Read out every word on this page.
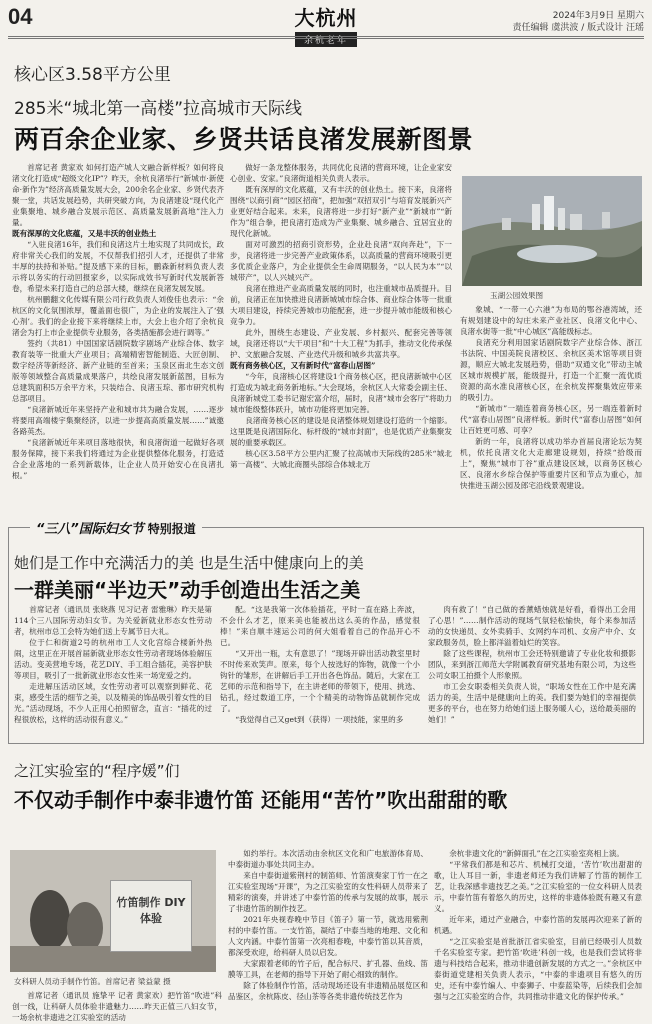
04	大杭州
余杭老年
2024年3月9日 星期六
责任编辑 虞洪波 / 版式设计 汪瑶
核心区3.58平方公里
285米“城北第一高楼”拉高城市天际线
两百余企业家、乡贤共话良渚发展新图景

首席记者 黄家欢 如何打造产城人文融合新样板？如何将良渚文化打造成“超级文化IP”？昨天，余杭良渚举行“新城市·新使命·新作为”经济高质量发展大会，200余名企业家、乡贤代表齐聚一堂，共话发展趋势，共研突破方向，为良渚建设“现代化产业集聚地、城乡融合发展示范区、高质量发展新高地”注入力量。

既有深厚的文化底蕴，又是丰沃的创业热土

“入驻良渚16年，我们和良渚这片土地实现了共同成长，政府非常关心我们的发展，不仅帮我们招引人才，还提供了非常丰厚的扶持和补贴。”提及感下来的目标，鹏森新材料负责人表示将以务实的行动回报家乡，以实际成效书写新时代发展新答卷，希望未来打造自己的总部大楼，继续在良渚发展发展。

杭州鹏翻文化传媒有限公司行政负责人刘俊佳也表示：“余杭区的文化氛围浓厚，覆盖面也很广，为企业的发展注入了‘强心剂’。我们的企业接下来将继续上市，大会上也介绍了余杭良渚会为打上市企业提供专业服务，各类措施都会进行调等。”

签约（共81）中国国家话剧院数字剧场产业综合体、数字教育装等一批重大产业项目；高端精密智能制造、大匠创制、数字经济等新经济、新产业链的至首来；玉泉区南北生态文创版等领域整合高质量成果落户，共绘良渚发展新蓝图，目标为总建筑面积5万余平方米，只装结合、良渚玉琮、都市研究机构总部项目。

“良渚新城近年来坚持产业和城市共为融合发展，……逐步将要用高端楼宇集聚经济，以进一步提高高质量发展……”诚邀各路英杰。

“良渚新城近年来项目落地很快，和良渚街道一起做好各项服务保障，接下来我们将通过为企业提供整体化服务，打造适合企业落地的一系列新载体，让企业人员开始安心在良渚扎根。”

做好一条龙整体服务，共同优化良渚的营商环境，让企业家安心创业、安家。”良渚街道相关负责人表示。

既有深厚的文化底蕴，又有丰沃的创业热土。接下来，良渚将围绕“以商引商”“园区招商”，把加强“双招双引”与培育发展新兴产业更好结合起来。未来，良渚将进一步打好“新产业”“新城市”“新作为”组合拳，把良渚打造成为产业集聚、城乡融合、宜居宜业的现代化新城。

面对可激烈的招商引资形势，企业赴良渚“双向奔赴”，下一步，良渚将进一步完善产业政策体系，以高质量的营商环境吸引更多优质企业落户，为企业提供全生命周期服务，“以人民为本”“以城带产”，以人兴城兴产。

良渚在推进产业高质量发展的同时，也注重城市品质提升。目前，良渚正在加快推进良渚新城城市综合体、商业综合体等一批重大项目建设，持续完善城市功能配套，进一步提升城市能级和核心竞争力。

此外，围绕生态建设、产业发展、乡村振兴、配套完善等领域，良渚还将以“大干项目”和“十大工程”为抓手，推动文化传承保护、文旅融合发展、产业迭代升级和城乡共富共享。

既有商务核心区，又有新时代“富春山居图”

“今年，良渚核心区将建设1个商务核心区，把良渚新城中心区打造成为城北商务新地标。”大会现场，余杭区人大常委会副主任、良渚新城党工委书记谢宏富介绍，届时，良渚“城市会客厅”将助力城市能级整体跃升，城市功能将更加完善。

良渚商务核心区的建设是良渚整体规划建设打造的一个缩影。这里既是良渚国际化、标杆级的“城市封面”，也是优质产业集聚发展的重要承载区。

核心区3.58平方公里内汇聚了拉高城市天际线的285米“城北第一高楼”、大城北商圈头部综合体城北万

玉湖公园效果图

象城、“一带一心六港”为布局的鄂谷港湾域，还有规划建设中的勾庄未来产业社区、良渚文化中心、良渚水街等一批“中心城区”高能级标志。

良渚充分利用国家话剧院数字产业综合体、浙江书法院、中国美院良渚校区、余杭区美术馆等项目资源，顺应大城北发展趋势，借助“双通文化”带动主城区城市规模扩展，能级提升，打造一个汇聚一流优质资源的高水准良渚核心区，在余杭发挥聚集效应带来的吸引力。

“新城市”一端连着商务核心区，另一端连着新时代“富春山居图”良渚样板。新时代“富春山居图”如何让百姓更可感、可享？

新的一年，良渚将以成功举办首届良渚论坛为契机，依托良渚文化大走廊建设规划，持续“拾级而上”，聚焦“城市丁谷”重点建设区域，以商务区核心区、良渚水乡综合保护等重要片区和节点为重心，加快推进玉湖公园及郎宅沿线景观建设。

“三八”国际妇女节 特别报道
她们是工作中充满活力的美 也是生活中健康向上的美
一群美丽“半边天”动手创造出生活之美

首席记者（通讯员 张晓燕 见习记者 雷雅琳）昨天是第114个三八国际劳动妇女节。为关爱新就业形态女性劳动者，杭州市总工会特为她们送上专属节日大礼。

位于仁和街道2号的杭州市工人文化宫综合楼新外热闹，这里正在开展首届新就业形态女性劳动者现场体验解压活动。变美营地专场，花艺DIY、手工组合插花，美容护肤等项目，吸引了一批新就业形态女性来一场宠爱之约。

走进解压活动区域，女性劳动者可以观察到鲜花、花束，感受生活的细节之美，以及精美的饰品吸引着女性的目光。”活动现场，不少人正用心拍照留念，直言：“插花的过程很放松，这样的活动很有意义。”

配。“这是我第一次体验插花，平时一直在路上奔波，不会什么才艺，原来美也能被出这么美的作品，感觉很棒！”来自顺丰速运公司的何大姐看着自己的作品开心不已。

“又开出一瓶，太有意思了！”现场开辟出活动教室里时不时传来欢笑声。原来，每个人按选好的饰物，就像一个小钩针的雏形，在讲解后手工开出各色饰品。随后，大家在工艺师的示范和指导下，在主讲老师的带领下，使用、挑选、钻孔，经过数道工序，一个个精美的动物饰品就制作完成了。

“我觉得自己又get到（获得）一项技能，家里的多

肉有救了！”自己做的香薰蜡烛就是好看，看得出工会用了心思！”……制作活动的现场气氛轻松愉快，每个来参加活动的女快递员、女外卖骑手、女网约车司机、女房产中介、女家政服务员，脸上都洋溢着灿烂的笑容。

除了这些课程，杭州市工会还特别邀请了专业化妆和摄影团队，来到浙江师范大学附属教育研究基地有限公司，为这些公司女职工拍摄个人形象照。

市工会女职委相关负责人说，“职场女性在工作中是充满活力的美，生活中是健康向上的美。我们要为她们的幸福提供更多的平台，也在努力给她们送上服务暖人心，送给最美丽的她们！”

之江实验室的“程序媛”们
不仅动手制作中泰非遗竹笛 还能用“苦竹”吹出甜甜的歌
竹笛制作 DIY体验
女科研人员动手制作竹笛。首席记者 梁益蒙 摄

首席记者（通讯员 施挚平 记者 黄家欢）把竹笛“吹进”科创一线，让科研人员体验非遗魅力……昨天正值三八妇女节，一场余杭非遗进之江实验室的活动

如约举行。本次活动由余杭区文化和广电旅游体育局、中泰街道办事处共同主办。

来自中泰街道紫荆村的制笛师、竹笛演奏家丁竹一在之江实验室现场“开课”，为之江实验室的女性科研人员带来了精彩的演奏，并讲述了中泰竹笛的传承与发展的故事，展示了非遗竹笛的制作技艺。

2021年央视春晚中节目《笛子》第一节，就选用紫荆村的中泰竹笛。一支竹笛，凝结了中泰当地的地理、文化和人文内涵。中泰竹笛第一次亮相春晚，中泰竹笛以其音质，都深受欢迎，给科研人员以启发。

大家跟着老师的竹子后，配合标尺、扩孔器、鱼线、笛膜等工具，在老师的指导下开始了耐心细致的制作。

除了体验制作竹笛，活动现场还设有非遗精品展览区和品鉴区，余杭陈皮、径山茶等各类非遗传统技艺作为

余杭非遗文化的“新鲜面孔”在之江实验室亮相上演。

“平常我们都是和芯片、机械打交道，‘苦竹’吹出甜甜的歌，让人耳目一新，非遗老师还为我们讲解了竹笛的制作工艺，让我深感非遗技艺之美。”之江实验室的一位女科研人员表示，中泰竹笛有着悠久的历史，这样的非遗体验既有趣又有意义。

近年来，通过产业融合，中泰竹笛的发展再次迎来了新的机遇。

“之江实验室是首批浙江省实验室，目前已经吸引人员数千名实验室专家。把竹笛‘吹进’科创一线，也是我们尝试将非遗与科技结合起来，推动非遗创新发展的方式之一。”余杭区中泰街道党建相关负责人表示，“中泰的非遗项目有悠久的历史，还有中泰竹编人、中泰狮子、中泰蓝染等，后续我们会加强与之江实验室的合作，共同推动非遗文化的保护传承。”
